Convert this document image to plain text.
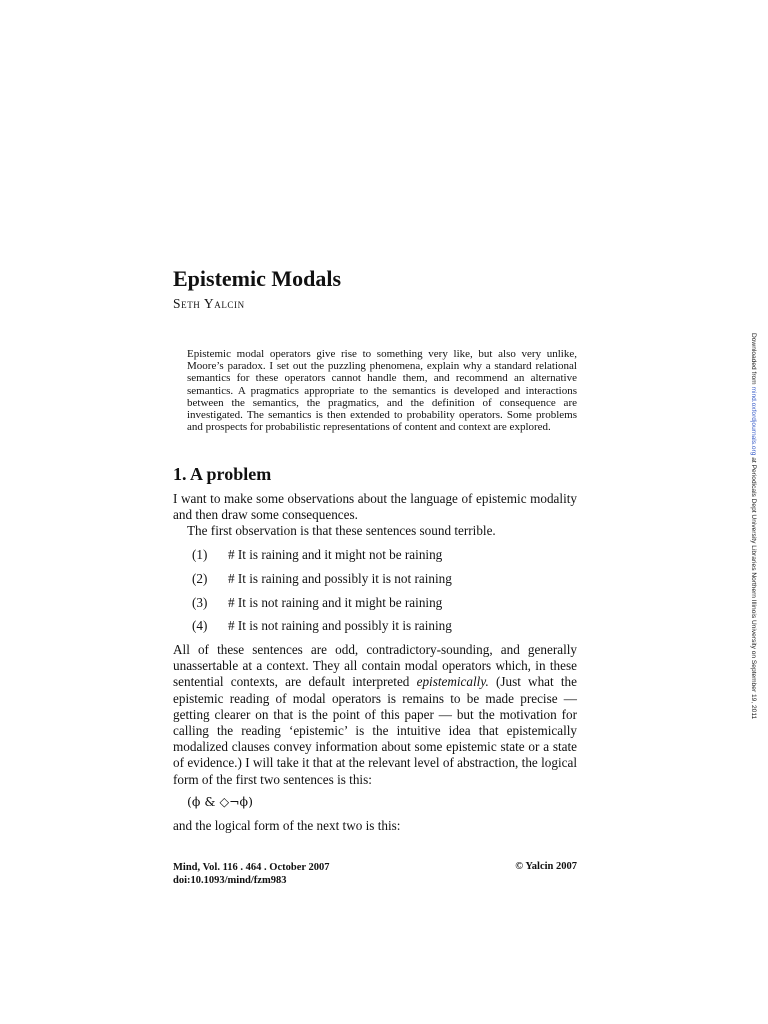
Epistemic Modals
Seth Yalcin

Epistemic modal operators give rise to something very like, but also very unlike, Moore’s paradox. I set out the puzzling phenomena, explain why a standard relational semantics for these operators cannot handle them, and recommend an alternative semantics. A pragmatics appropriate to the semantics is developed and interactions between the semantics, the pragmatics, and the definition of consequence are investigated. The semantics is then extended to probability operators. Some problems and prospects for probabilistic representations of content and context are explored.

1. A problem

I want to make some observations about the language of epistemic modality and then draw some consequences.

The first observation is that these sentences sound terrible.

(1) # It is raining and it might not be raining
(2) # It is raining and possibly it is not raining
(3) # It is not raining and it might be raining
(4) # It is not raining and possibly it is raining

All of these sentences are odd, contradictory-sounding, and generally unassertable at a context. They all contain modal operators which, in these sentential contexts, are default interpreted epistemically. (Just what the epistemic reading of modal operators is remains to be made precise — getting clearer on that is the point of this paper — but the motivation for calling the reading ‘epistemic’ is the intuitive idea that epistemically modalized clauses convey information about some epistemic state or a state of evidence.) I will take it that at the relevant level of abstraction, the logical form of the first two sentences is this:

(ϕ & ◇¬ϕ)

and the logical form of the next two is this:

Mind, Vol. 116 . 464 . October 2007
doi:10.1093/mind/fzm983
© Yalcin 2007
Downloaded from mind.oxfordjournals.org at Periodicals Dept University Libraries Northern Illinois University on September 19, 2011
